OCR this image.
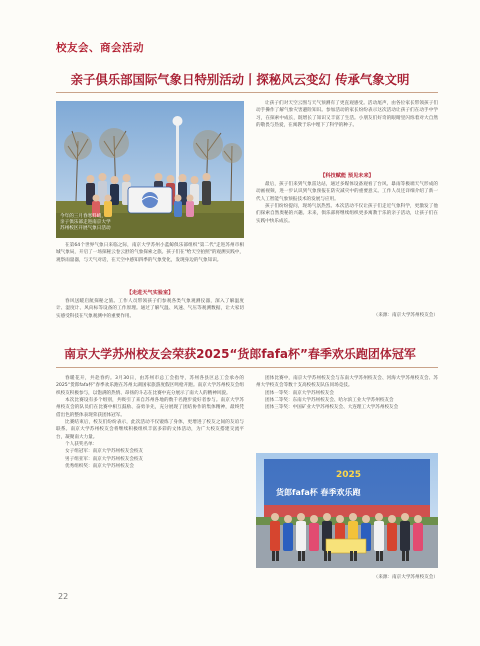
校友会、商会活动
亲子俱乐部国际气象日特别活动丨探秘风云变幻 传承气象文明
今年的三月春寒料峭，
亲子俱乐部走进南京大学
苏州校区开展气象日活动

在第64个世界气象日来临之际，南京大学苏州小蓝鲸俱乐部组织"第二代"走进苏州市相城气象局，开启了一场探秘云卷云舒的气象探索之旅。孩子们在"给天空拍照"的观测实践中，观察雨量器，与天气对话，在天空中感知四季的气象变化，发现身边的气象知识。

【走进天气实验室】

春风送暖启航探秘之旅。工作人员带领孩子们参观各类气象观测仪器，深入了解温度计、湿度计、风向标等设备的工作原理。通过了解气温、风速、气压等观测数据，让大家切实感受科技在气象观测中的重要作用。

让孩子们对天空云图与天气预测有了更直观感受。活动尾声，由各位家长带领孩子们动手操作了解气象灾害避险知识。参加活动的家长纷纷表示这次活动让孩子们在动手中学习，在探索中成长，既增长了知识又丰富了生活。小朋友们好奇的眼睛里闪烁着对大自然的敬畏与热爱，在寓教于乐中埋下了科学的种子。

【科技赋能 预见未来】

最后，孩子们来到气象雷达站，通过多媒体设备观看了台风、暴雨等极端天气形成的动画视频，进一步认识到气象预报在防灾减灾中的重要意义。工作人员还详细介绍了新一代人工智能气象预报技术的发展与应用。

孩子们纷纷提问，现场气氛热烈。本次活动不仅让孩子们走近气象科学，更激发了他们探索自然奥秘的兴趣。未来，俱乐部将继续组织更多寓教于乐的亲子活动，让孩子们在实践中快乐成长。

（来源：南京大学苏州校友会）
南京大学苏州校友会荣获2025“货郎fafa杯”春季欢乐跑团体冠军

春暖花开，共赴春约。3月30日，由苏州市总工会指导，苏州各县区总工会承办的2025“货郎fafa杯”春季欢乐跑在苏州太湖国家旅游度假区鸣枪开跑。南京大学苏州校友会组织校友积极参与，以饱满的热情、昂扬的斗志在比赛中充分展示了南大人的精神风貌。

本次比赛设有多个组别，共吸引了来自苏州各地的数千名跑步爱好者参与。南京大学苏州校友会的队员们在比赛中相互鼓励、奋勇争先，充分展现了团结协作的集体精神，最终凭借出色的整体表现荣获团体冠军。

比赛结束后，校友们纷纷表示，此次活动不仅锻炼了身体，更增进了校友之间的友谊与联系。南京大学苏州校友会将继续积极组织丰富多彩的文体活动，为广大校友搭建交流平台，凝聚南大力量。

个人获奖名单：

女子组冠军：南京大学苏州校友会校友

男子组亚军：南京大学苏州校友会校友

优秀组织奖：南京大学苏州校友会

团体比赛中，南京大学苏州校友会与东南大学苏州校友会、河海大学苏州校友会、苏州大学校友会等数十支高校校友队伍同场竞技。

团体一等奖：南京大学苏州校友会

团体二等奖：东南大学苏州校友会、哈尔滨工业大学苏州校友会

团体三等奖：中国矿业大学苏州校友会、大连理工大学苏州校友会

2025
货郎fafa杯 春季欢乐跑
（来源：南京大学苏州校友会）
22
